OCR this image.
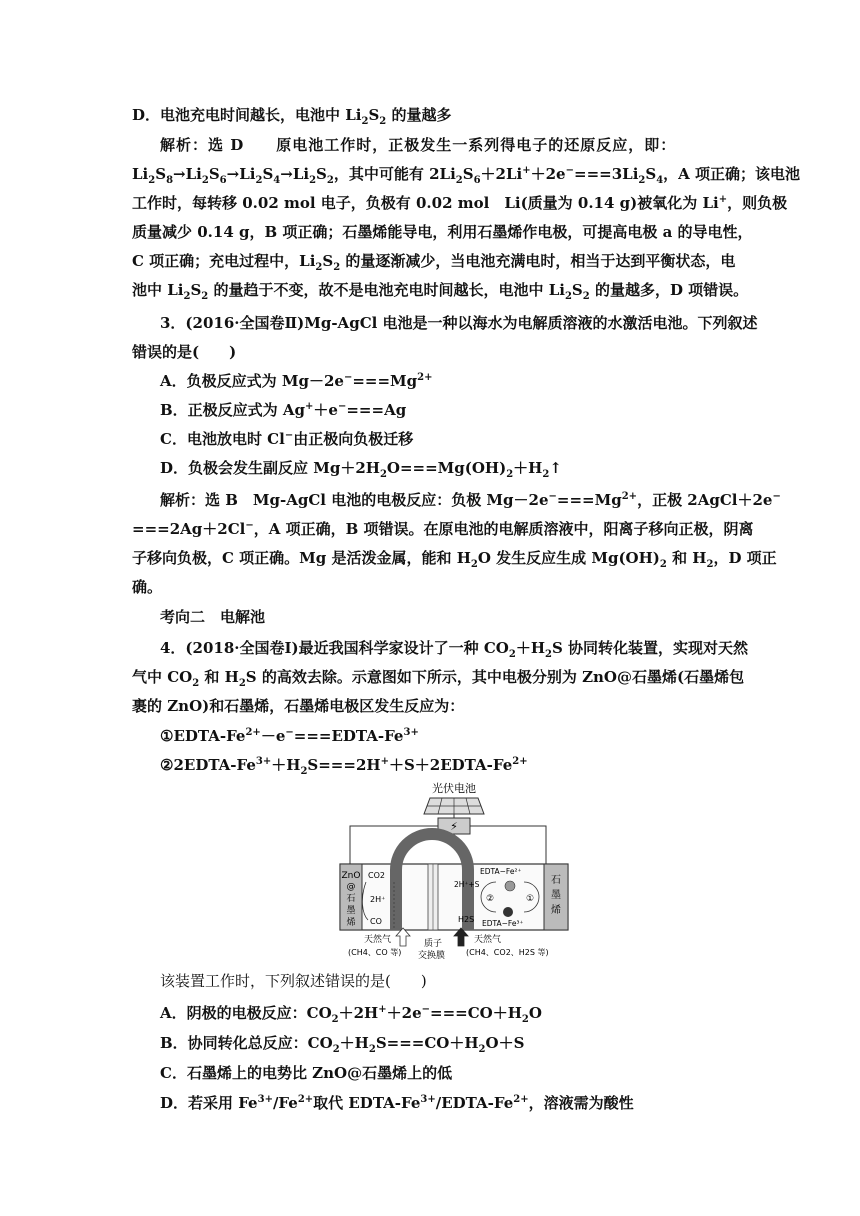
D．电池充电时间越长，电池中 $Li_2S_2$ 的量越多
解析：选 D　　原电池工作时，正极发生一系列得电子的还原反应，即：
$Li_2S_8\to Li_2S_6\to Li_2S_4\to Li_2S_2$，其中可能有 $2Li_2S_6+2Li^++2e^-===3Li_2S_4$，A 项正确；该电池
工作时，每转移 0.02 mol 电子，负极有 0.02 mol　Li(质量为 0.14 g)被氧化为 Li+，则负极
质量减少 0.14 g，B 项正确；石墨烯能导电，利用石墨烯作电极，可提高电极 a 的导电性，
C 项正确；充电过程中，$Li_2S_2$ 的量逐渐减少，当电池充满电时，相当于达到平衡状态，电
池中 $Li_2S_2$ 的量趋于不变，故不是电池充电时间越长，电池中 $Li_2S_2$ 的量越多，D 项错误。
3．(2016·全国卷Ⅱ)Mg-AgCl 电池是一种以海水为电解质溶液的水激活电池。下列叙述
错误的是(　　)
A．负极反应式为 $Mg-2e^-===Mg^{2+}$
B．正极反应式为 Ag+＋e−===Ag
C．电池放电时 Cl−由正极向负极迁移
D．负极会发生副反应 $Mg+2H_2O===Mg(OH)_2+H_2↑$
解析：选 B　Mg-AgCl 电池的电极反应：负极 $Mg-2e^-===Mg^{2+}$，正极 2AgCl＋2e−
===2Ag＋2Cl−，A 项正确，B 项错误。在原电池的电解质溶液中，阳离子移向正极，阴离
子移向负极，C 项正确。Mg 是活泼金属，能和 $H_2O$ 发生反应生成 $Mg(OH)_2$ 和 $H_2$，D 项正
确。
考向二　电解池
4．(2018·全国卷Ⅰ)最近我国科学家设计了一种 $CO_2+H_2S$ 协同转化装置，实现对天然
气中 $CO_2$ 和 $H_2S$ 的高效去除。示意图如下所示，其中电极分别为 ZnO@石墨烯(石墨烯包
裹的 ZnO)和石墨烯，石墨烯电极区发生反应为：
①EDTA-$Fe^{2+}-e^-===EDTA-Fe^{3+}$
$②2EDTA-Fe^{3+}+H_2S===2H^++S+2EDTA-Fe^{2+}$
光伏电池
⚡
ZnO
@
石
墨
烯
石
墨
烯
CO2
2H⁺
CO
EDTA−Fe²⁺
2H⁺+S
②	①
EDTA−Fe³⁺
H2S
天然气
(CH4、CO 等)
质子
交换膜
天然气
(CH4、CO2、H2S 等)
该装置工作时，下列叙述错误的是(　　)
A．阴极的电极反应：$CO_2+2H^++2e^-===CO+H_2O$
B．协同转化总反应：$CO_2+H_2S===CO+H_2O+S$
C．石墨烯上的电势比 ZnO@石墨烯上的低
D．若采用 $Fe^{3+}/Fe^{2+}$取代 EDTA-$Fe^{3+}/EDTA-Fe^{2+}$，溶液需为酸性
